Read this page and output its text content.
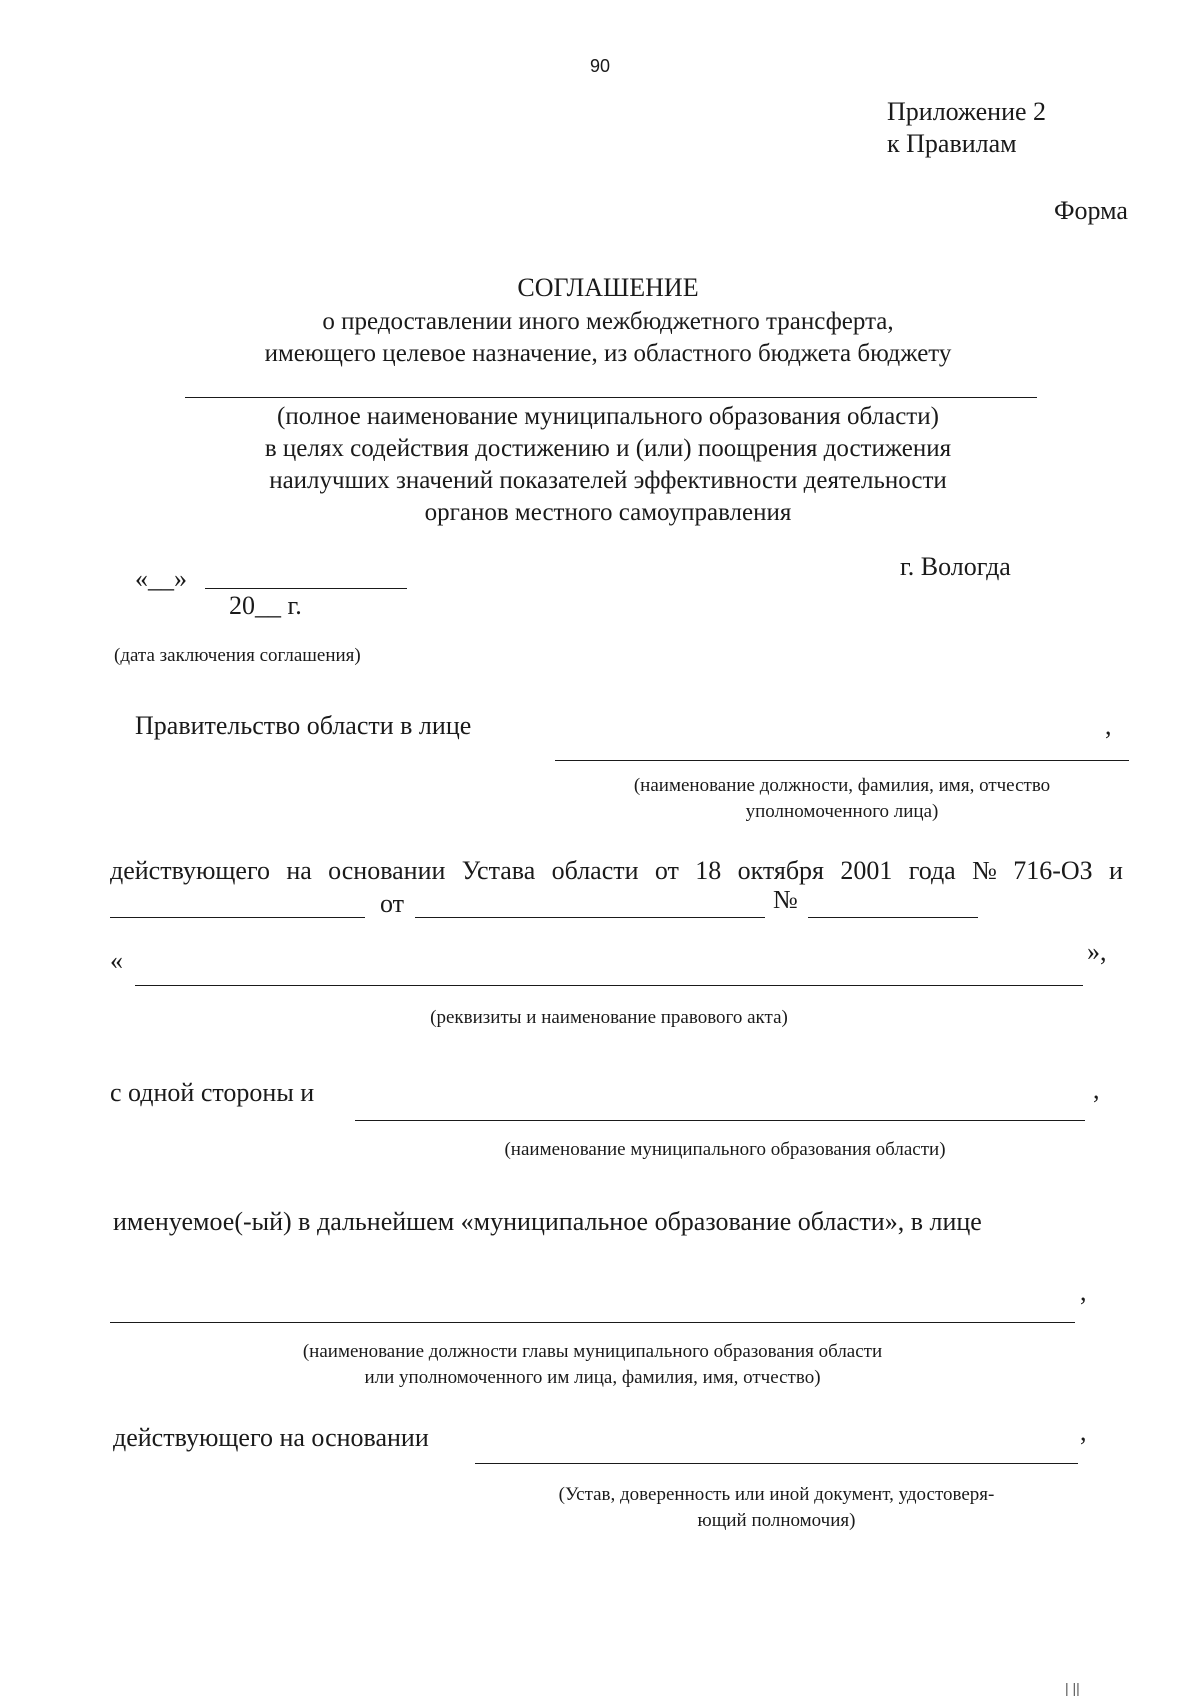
90
Приложение 2
к Правилам
Форма
СОГЛАШЕНИЕ
о предоставлении иного межбюджетного трансферта,
имеющего целевое назначение, из областного бюджета бюджету
(полное наименование муниципального образования области)
в целях содействия достижению и (или) поощрения достижения
наилучших значений показателей эффективности деятельности
органов местного самоуправления
«__»
20__ г.
(дата заключения соглашения)
г. Вологда
Правительство области в лице	,
(наименование должности, фамилия, имя, отчество
уполномоченного лица)
действующего на основании Устава области от 18 октября 2001 года № 716-ОЗ и
от	№
«	»,
(реквизиты и наименование правового акта)
с одной стороны и	,
(наименование муниципального образования области)
именуемое(-ый) в дальнейшем «муниципальное образование области», в лице
,
(наименование должности главы муниципального образования области
или уполномоченного им лица, фамилия, имя, отчество)
действующего на основании	,
(Устав, доверенность или иной документ, удостоверя-
ющий полномочия)
| ||
